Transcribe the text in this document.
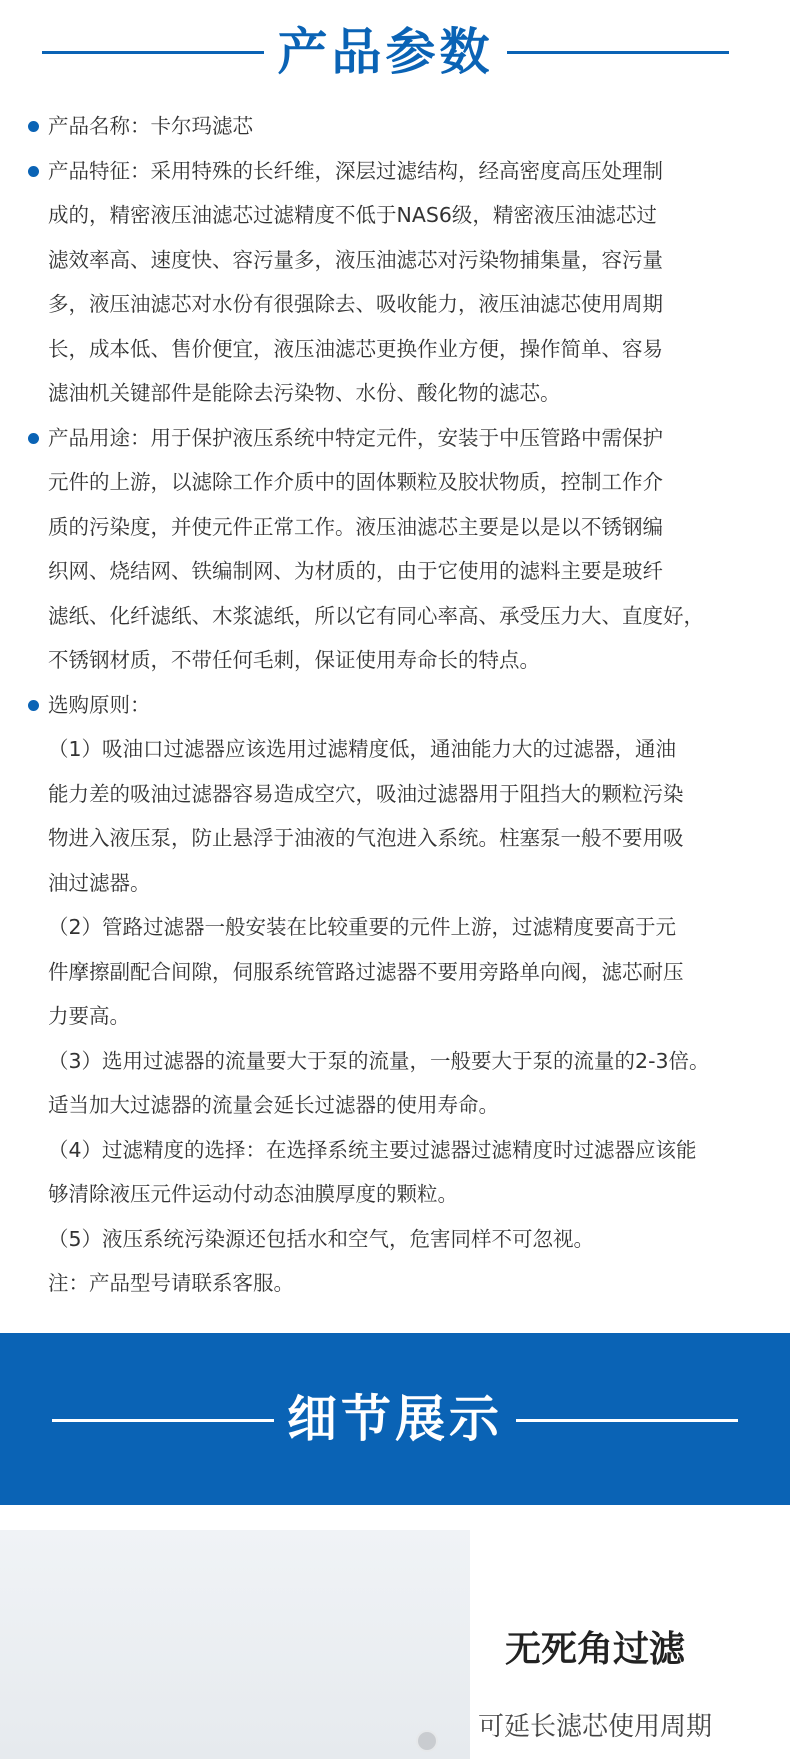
产品参数
产品名称：卡尔玛滤芯
产品特征：采用特殊的长纤维，深层过滤结构，经高密度高压处理制
成的，精密液压油滤芯过滤精度不低于NAS6级，精密液压油滤芯过
滤效率高、速度快、容污量多，液压油滤芯对污染物捕集量，容污量
多，液压油滤芯对水份有很强除去、吸收能力，液压油滤芯使用周期
长，成本低、售价便宜，液压油滤芯更换作业方便，操作简单、容易
滤油机关键部件是能除去污染物、水份、酸化物的滤芯。
产品用途：用于保护液压系统中特定元件，安装于中压管路中需保护
元件的上游，以滤除工作介质中的固体颗粒及胶状物质，控制工作介
质的污染度，并使元件正常工作。液压油滤芯主要是以是以不锈钢编
织网、烧结网、铁编制网、为材质的，由于它使用的滤料主要是玻纤
滤纸、化纤滤纸、木浆滤纸，所以它有同心率高、承受压力大、直度好，
不锈钢材质，不带任何毛刺，保证使用寿命长的特点。
选购原则：
（1）吸油口过滤器应该选用过滤精度低，通油能力大的过滤器，通油
能力差的吸油过滤器容易造成空穴，吸油过滤器用于阻挡大的颗粒污染
物进入液压泵，防止悬浮于油液的气泡进入系统。柱塞泵一般不要用吸
油过滤器。
（2）管路过滤器一般安装在比较重要的元件上游，过滤精度要高于元
件摩擦副配合间隙，伺服系统管路过滤器不要用旁路单向阀，滤芯耐压
力要高。
（3）选用过滤器的流量要大于泵的流量，一般要大于泵的流量的2-3倍。
适当加大过滤器的流量会延长过滤器的使用寿命。
（4）过滤精度的选择：在选择系统主要过滤器过滤精度时过滤器应该能
够清除液压元件运动付动态油膜厚度的颗粒。
（5）液压系统污染源还包括水和空气，危害同样不可忽视。
注：产品型号请联系客服。
细节展示
无死角过滤
可延长滤芯使用周期
